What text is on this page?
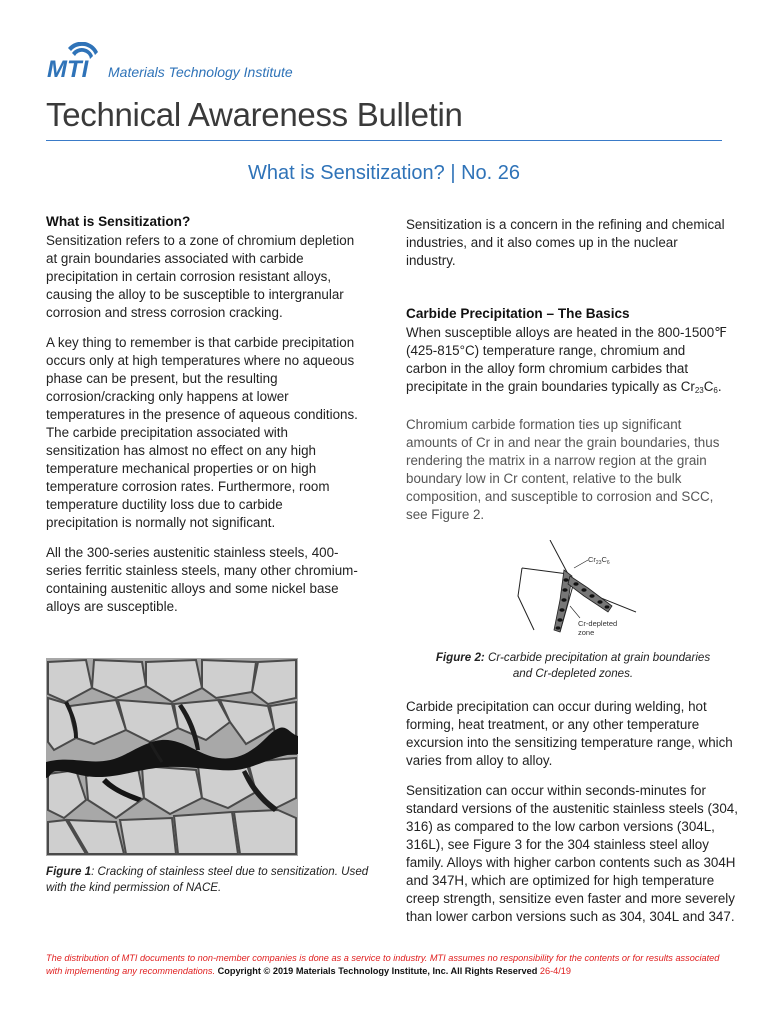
MTI Materials Technology Institute
Technical Awareness Bulletin
What is Sensitization? | No. 26
What is Sensitization?

Sensitization refers to a zone of chromium depletion at grain boundaries associated with carbide precipitation in certain corrosion resistant alloys, causing the alloy to be susceptible to intergranular corrosion and stress corrosion cracking.

A key thing to remember is that carbide precipitation occurs only at high temperatures where no aqueous phase can be present, but the resulting corrosion/cracking only happens at lower temperatures in the presence of aqueous conditions. The carbide precipitation associated with sensitization has almost no effect on any high temperature mechanical properties or on high temperature corrosion rates. Furthermore, room temperature ductility loss due to carbide precipitation is normally not significant.

All the 300-series austenitic stainless steels, 400-series ferritic stainless steels, many other chromium-containing austenitic alloys and some nickel base alloys are susceptible.

Figure 1: Cracking of stainless steel due to sensitization. Used with the kind permission of NACE.

Sensitization is a concern in the refining and chemical industries, and it also comes up in the nuclear industry.

Carbide Precipitation – The Basics

When susceptible alloys are heated in the 800-1500℉ (425-815°C) temperature range, chromium and carbon in the alloy form chromium carbides that precipitate in the grain boundaries typically as $Cr_{23}C_6$.

Chromium carbide formation ties up significant amounts of Cr in and near the grain boundaries, thus rendering the matrix in a narrow region at the grain boundary low in Cr content, relative to the bulk composition, and susceptible to corrosion and SCC, see Figure 2.

$Cr_{23}C_6$
Cr-depleted
zone
Figure 2: Cr-carbide precipitation at grain boundaries
and Cr-depleted zones.

Carbide precipitation can occur during welding, hot forming, heat treatment, or any other temperature excursion into the sensitizing temperature range, which varies from alloy to alloy.

Sensitization can occur within seconds-minutes for standard versions of the austenitic stainless steels (304, 316) as compared to the low carbon versions (304L, 316L), see Figure 3 for the 304 stainless steel alloy family. Alloys with higher carbon contents such as 304H and 347H, which are optimized for high temperature creep strength, sensitize even faster and more severely than lower carbon versions such as 304, 304L and 347.

The distribution of MTI documents to non-member companies is done as a service to industry. MTI assumes no responsibility for the contents or for results associated with implementing any recommendations. Copyright © 2019 Materials Technology Institute, Inc. All Rights Reserved 26-4/19
